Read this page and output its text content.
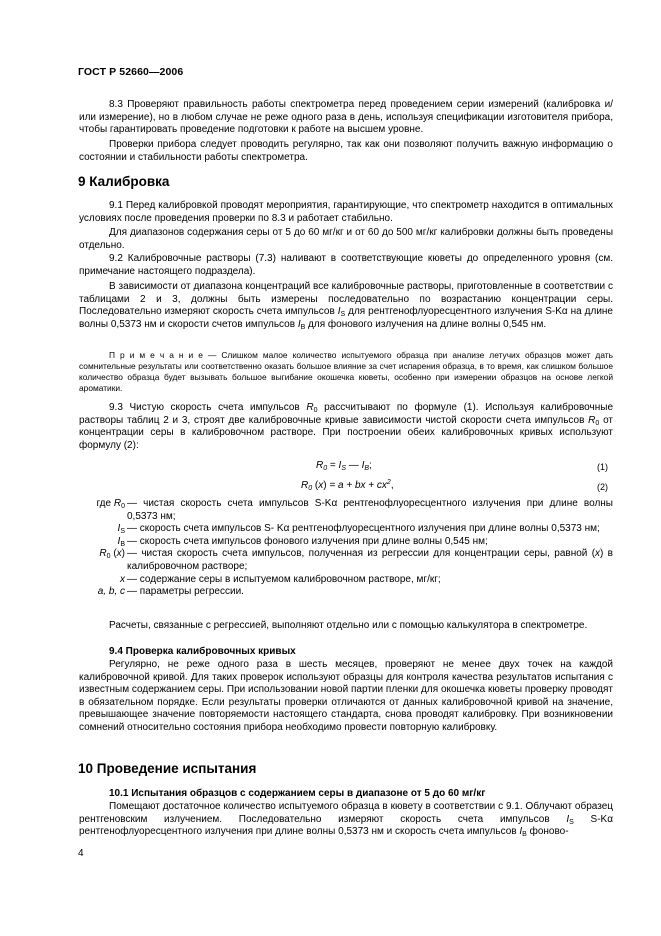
ГОСТ Р 52660—2006
8.3 Проверяют правильность работы спектрометра перед проведением серии измерений (калибровка и/или измерение), но в любом случае не реже одного раза в день, используя спецификации изготовителя прибора, чтобы гарантировать проведение подготовки к работе на высшем уровне.
Проверки прибора следует проводить регулярно, так как они позволяют получить важную информацию о состоянии и стабильности работы спектрометра.
9 Калибровка
9.1 Перед калибровкой проводят мероприятия, гарантирующие, что спектрометр находится в оптимальных условиях после проведения проверки по 8.3 и работает стабильно.
Для диапазонов содержания серы от 5 до 60 мг/кг и от 60 до 500 мг/кг калибровки должны быть проведены отдельно.
9.2 Калибровочные растворы (7.3) наливают в соответствующие кюветы до определенного уровня (см. примечание настоящего подраздела).
В зависимости от диапазона концентраций все калибровочные растворы, приготовленные в соответствии с таблицами 2 и 3, должны быть измерены последовательно по возрастанию концентрации серы. Последовательно измеряют скорость счета импульсов $I_S$ для рентгенофлуоресцентного излучения S-Kα на длине волны 0,5373 нм и скорости счетов импульсов $I_B$ для фонового излучения на длине волны 0,545 нм.
П р и м е ч а н и е — Слишком малое количество испытуемого образца при анализе летучих образцов может дать сомнительные результаты или соответственно оказать большое влияние за счет испарения образца, в то время, как слишком большое количество образца будет вызывать большое выгибание окошечка кюветы, особенно при измерении образцов на основе легкой ароматики.
9.3 Чистую скорость счета импульсов $R_0$ рассчитывают по формуле (1). Используя калибровочные растворы таблиц 2 и 3, строят две калибровочные кривые зависимости чистой скорости счета импульсов $R_0$ от концентрации серы в калибровочном растворе. При построении обеих калибровочных кривых используют формулу (2):
$R_0 = I_S$ — $I_B$;	(1)
$R_0$ (x) = a + bx + $cx^2$,	(2)
где $R_0$ — чистая скорость счета импульсов S-Kα рентгенофлуоресцентного излучения при длине волны 0,5373 нм;
$I_S$ — скорость счета импульсов S- Kα рентгенофлуоресцентного излучения при длине волны 0,5373 нм;
$I_B$ — скорость счета импульсов фонового излучения при длине волны 0,545 нм;
$R_0$ (x) — чистая скорость счета импульсов, полученная из регрессии для концентрации серы, равной (x) в калибровочном растворе;
x — содержание серы в испытуемом калибровочном растворе, мг/кг;
a, b, c — параметры регрессии.
Расчеты, связанные с регрессией, выполняют отдельно или с помощью калькулятора в спектрометре.
9.4 Проверка калибровочных кривых
Регулярно, не реже одного раза в шесть месяцев, проверяют не менее двух точек на каждой калибровочной кривой. Для таких проверок используют образцы для контроля качества результатов испытания с известным содержанием серы. При использовании новой партии пленки для окошечка кюветы проверку проводят в обязательном порядке. Если результаты проверки отличаются от данных калибровочной кривой на значение, превышающее значение повторяемости настоящего стандарта, снова проводят калибровку. При возникновении сомнений относительно состояния прибора необходимо провести повторную калибровку.
10 Проведение испытания
10.1 Испытания образцов с содержанием серы в диапазоне от 5 до 60 мг/кг
Помещают достаточное количество испытуемого образца в кювету в соответствии с 9.1. Облучают образец рентгеновским излучением. Последовательно измеряют скорость счета импульсов $I_S$ S-Kα рентгенофлуоресцентного излучения при длине волны 0,5373 нм и скорость счета импульсов $I_B$ фоново-
4
